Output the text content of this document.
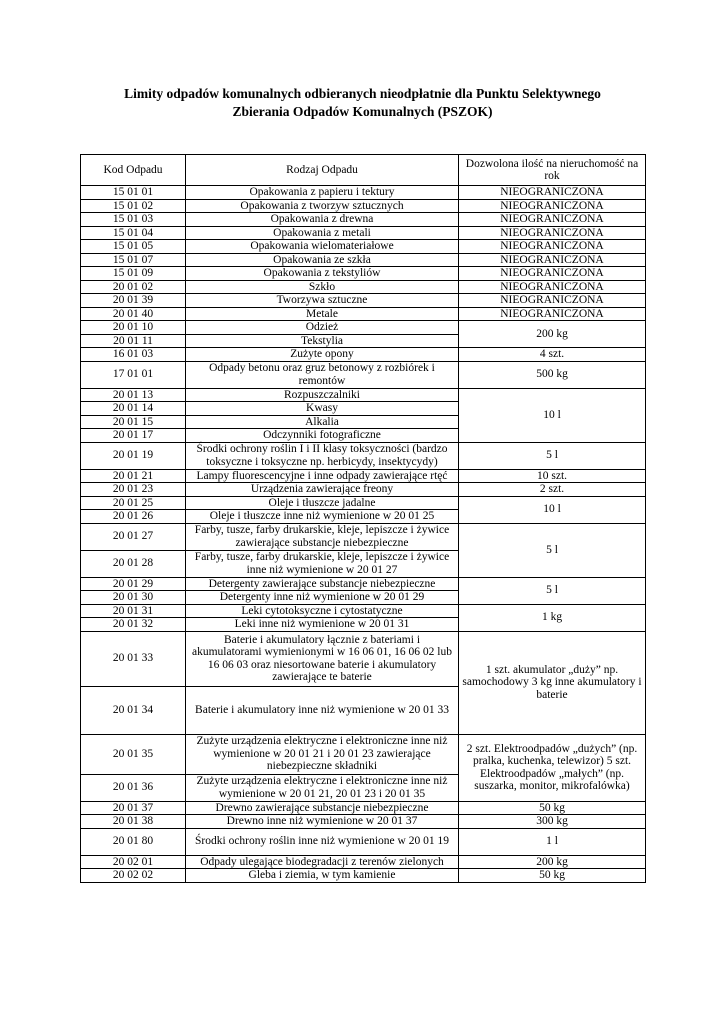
Limity odpadów komunalnych odbieranych nieodpłatnie dla Punktu Selektywnego
Zbierania Odpadów Komunalnych (PSZOK)
Kod Odpadu	Rodzaj Odpadu	Dozwolona ilość na nieruchomość na rok
15 01 01	Opakowania z papieru i tektury	NIEOGRANICZONA
15 01 02	Opakowania z tworzyw sztucznych	NIEOGRANICZONA
15 01 03	Opakowania z drewna	NIEOGRANICZONA
15 01 04	Opakowania z metali	NIEOGRANICZONA
15 01 05	Opakowania wielomateriałowe	NIEOGRANICZONA
15 01 07	Opakowania ze szkła	NIEOGRANICZONA
15 01 09	Opakowania z tekstyliów	NIEOGRANICZONA
20 01 02	Szkło	NIEOGRANICZONA
20 01 39	Tworzywa sztuczne	NIEOGRANICZONA
20 01 40	Metale	NIEOGRANICZONA
20 01 10	Odzież	200 kg
20 01 11	Tekstylia	
16 01 03	Zużyte opony	4 szt.
17 01 01	Odpady betonu oraz gruz betonowy z rozbiórek i remontów	500 kg
20 01 13	Rozpuszczalniki	10 l
20 01 14	Kwasy	
20 01 15	Alkalia	
20 01 17	Odczynniki fotograficzne	
20 01 19	Środki ochrony roślin I i II klasy toksyczności (bardzo toksyczne i toksyczne np. herbicydy, insektycydy)	5 l
20 01 21	Lampy fluorescencyjne i inne odpady zawierające rtęć	10 szt.
20 01 23	Urządzenia zawierające freony	2 szt.
20 01 25	Oleje i tłuszcze jadalne	10 l
20 01 26	Oleje i tłuszcze inne niż wymienione w 20 01 25	
20 01 27	Farby, tusze, farby drukarskie, kleje, lepiszcze i żywice zawierające substancje niebezpieczne	5 l
20 01 28	Farby, tusze, farby drukarskie, kleje, lepiszcze i żywice inne niż wymienione w 20 01 27	
20 01 29	Detergenty zawierające substancje niebezpieczne	5 l
20 01 30	Detergenty inne niż wymienione w 20 01 29	
20 01 31	Leki cytotoksyczne i cytostatyczne	1 kg
20 01 32	Leki inne niż wymienione w 20 01 31	
20 01 33	Baterie i akumulatory łącznie z bateriami i akumulatorami wymienionymi w 16 06 01, 16 06 02 lub 16 06 03 oraz niesortowane baterie i akumulatory zawierające te baterie	1 szt. akumulator „duży” np. samochodowy 3 kg inne akumulatory i baterie
20 01 34	Baterie i akumulatory inne niż wymienione w 20 01 33	
20 01 35	Zużyte urządzenia elektryczne i elektroniczne inne niż wymienione w 20 01 21 i 20 01 23 zawierające niebezpieczne składniki	2 szt. Elektroodpadów „dużych” (np. pralka, kuchenka, telewizor) 5 szt. Elektroodpadów „małych” (np. suszarka, monitor, mikrofalówka)
20 01 36	Zużyte urządzenia elektryczne i elektroniczne inne niż wymienione w 20 01 21, 20 01 23 i 20 01 35	
20 01 37	Drewno zawierające substancje niebezpieczne	50 kg
20 01 38	Drewno inne niż wymienione w 20 01 37	300 kg
20 01 80	Środki ochrony roślin inne niż wymienione w 20 01 19	1 l
20 02 01	Odpady ulegające biodegradacji z terenów zielonych	200 kg
20 02 02	Gleba i ziemia, w tym kamienie	50 kg
